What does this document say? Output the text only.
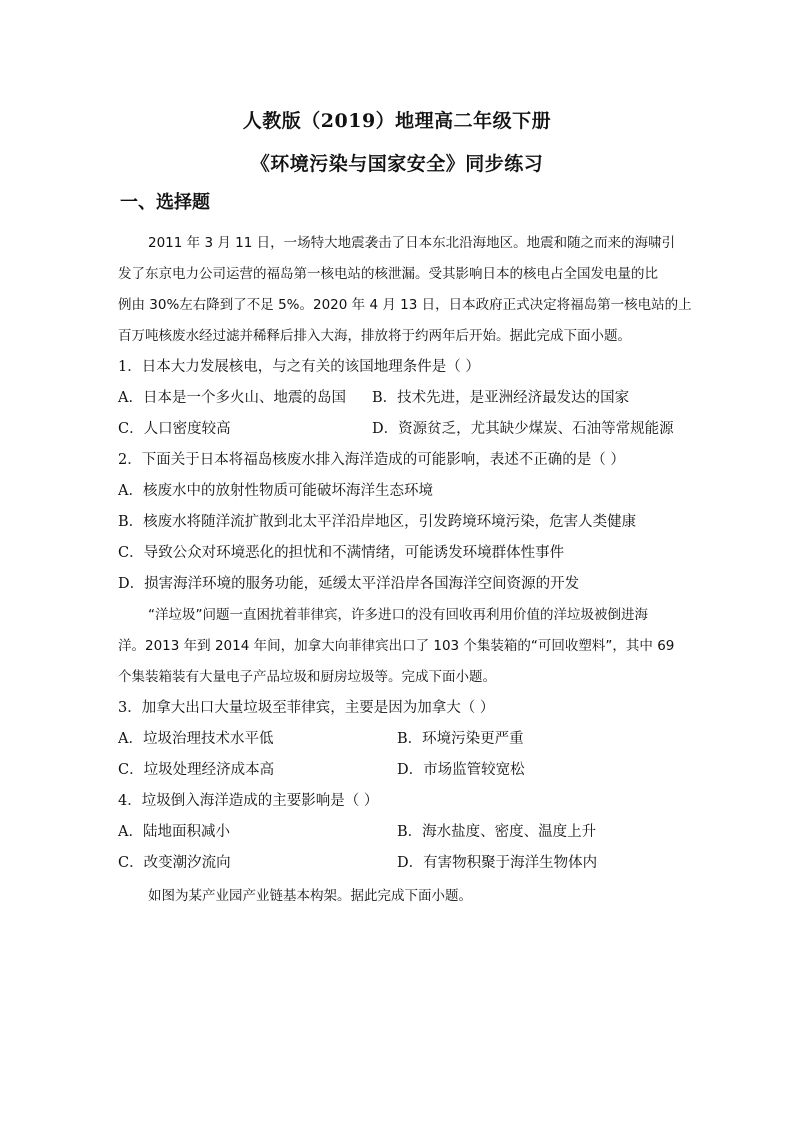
人教版（2019）地理高二年级下册
《环境污染与国家安全》同步练习
一、选择题
2011 年 3 月 11 日，一场特大地震袭击了日本东北沿海地区。地震和随之而来的海啸引
发了东京电力公司运营的福岛第一核电站的核泄漏。受其影响日本的核电占全国发电量的比
例由 30%左右降到了不足 5%。2020 年 4 月 13 日，日本政府正式决定将福岛第一核电站的上
百万吨核废水经过滤并稀释后排入大海，排放将于约两年后开始。据此完成下面小题。
1．日本大力发展核电，与之有关的该国地理条件是（ ）
A．日本是一个多火山、地震的岛国 B．技术先进，是亚洲经济最发达的国家
C．人口密度较高	D．资源贫乏，尤其缺少煤炭、石油等常规能源
2．下面关于日本将福岛核废水排入海洋造成的可能影响，表述不正确的是（ ）
A．核废水中的放射性物质可能破坏海洋生态环境
B．核废水将随洋流扩散到北太平洋沿岸地区，引发跨境环境污染，危害人类健康
C．导致公众对环境恶化的担忧和不满情绪，可能诱发环境群体性事件
D．损害海洋环境的服务功能，延缓太平洋沿岸各国海洋空间资源的开发
“洋垃圾”问题一直困扰着菲律宾，许多进口的没有回收再利用价值的洋垃圾被倒进海
洋。2013 年到 2014 年间，加拿大向菲律宾出口了 103 个集装箱的“可回收塑料”，其中 69
个集装箱装有大量电子产品垃圾和厨房垃圾等。完成下面小题。
3．加拿大出口大量垃圾至菲律宾，主要是因为加拿大（ ）
A．垃圾治理技术水平低	B．环境污染更严重
C．垃圾处理经济成本高	D．市场监管较宽松
4．垃圾倒入海洋造成的主要影响是（ ）
A．陆地面积减小	B．海水盐度、密度、温度上升
C．改变潮汐流向	D．有害物积聚于海洋生物体内
如图为某产业园产业链基本构架。据此完成下面小题。
